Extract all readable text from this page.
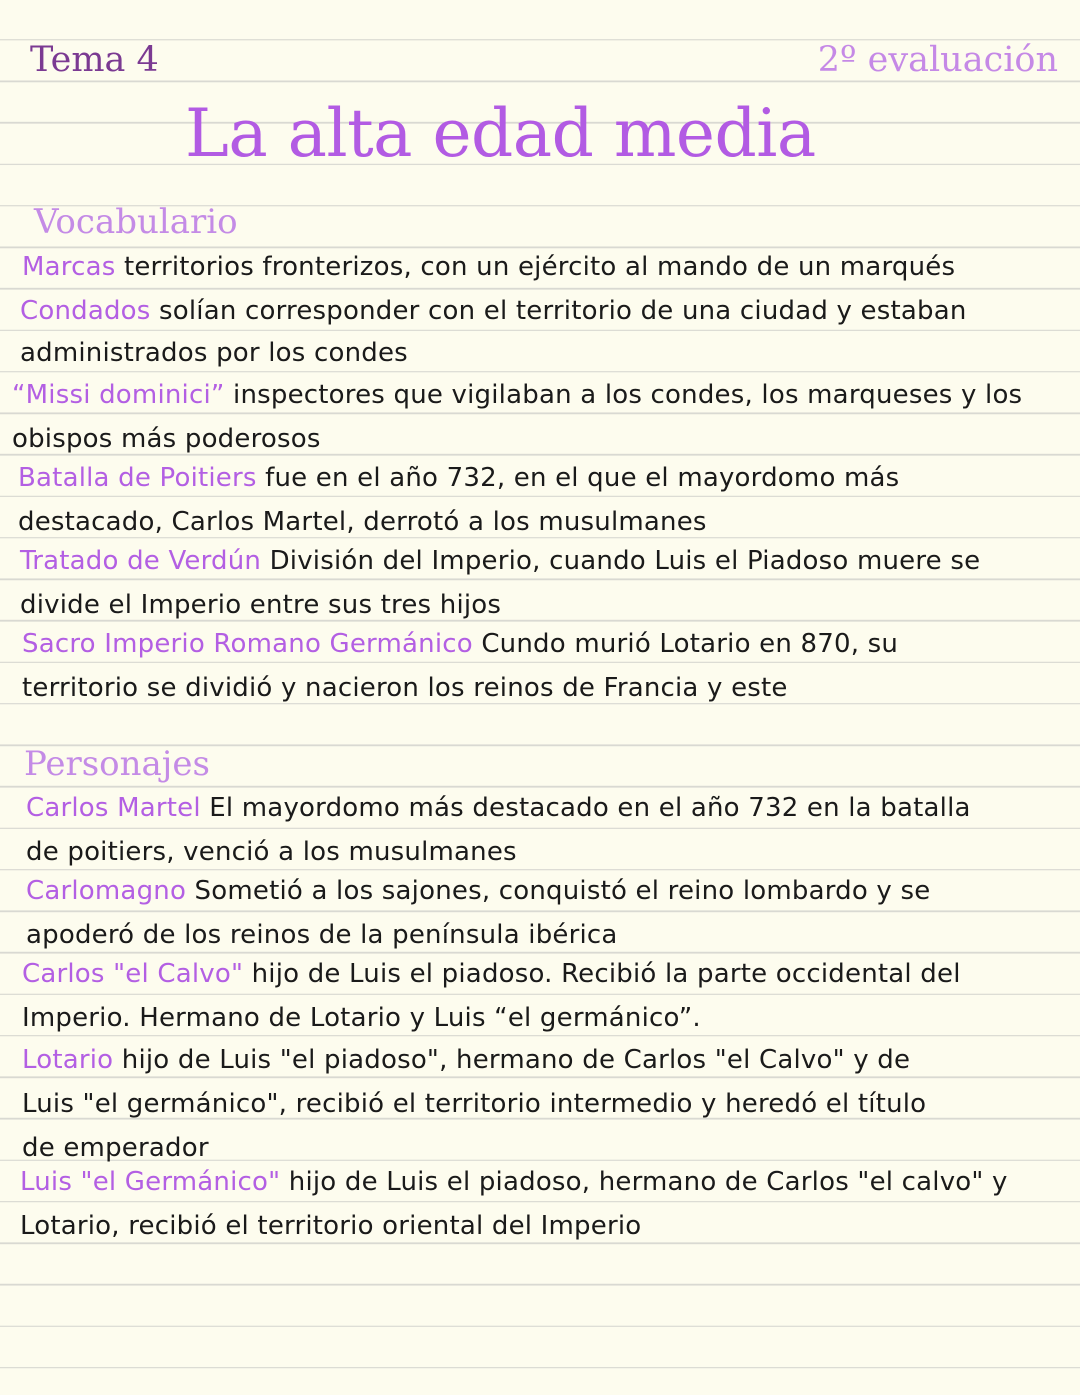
Tema 4	2º evaluación
La alta edad media
Vocabulario
Marcas territorios fronterizos, con un ejército al mando de un marqués
Condados solían corresponder con el territorio de una ciudad y estaban
administrados por los condes
“Missi dominici” inspectores que vigilaban a los condes, los marqueses y los
obispos más poderosos
Batalla de Poitiers fue en el año 732, en el que el mayordomo más
destacado, Carlos Martel, derrotó a los musulmanes
Tratado de Verdún División del Imperio, cuando Luis el Piadoso muere se
divide el Imperio entre sus tres hijos
Sacro Imperio Romano Germánico Cundo murió Lotario en 870, su
territorio se dividió y nacieron los reinos de Francia y este
Personajes
Carlos Martel El mayordomo más destacado en el año 732 en la batalla
de poitiers, venció a los musulmanes
Carlomagno Sometió a los sajones, conquistó el reino lombardo y se
apoderó de los reinos de la península ibérica
Carlos "el Calvo" hijo de Luis el piadoso. Recibió la parte occidental del
Imperio. Hermano de Lotario y Luis “el germánico”.
Lotario hijo de Luis "el piadoso", hermano de Carlos "el Calvo" y de
Luis "el germánico", recibió el territorio intermedio y heredó el título
de emperador
Luis "el Germánico" hijo de Luis el piadoso, hermano de Carlos "el calvo" y
Lotario, recibió el territorio oriental del Imperio
